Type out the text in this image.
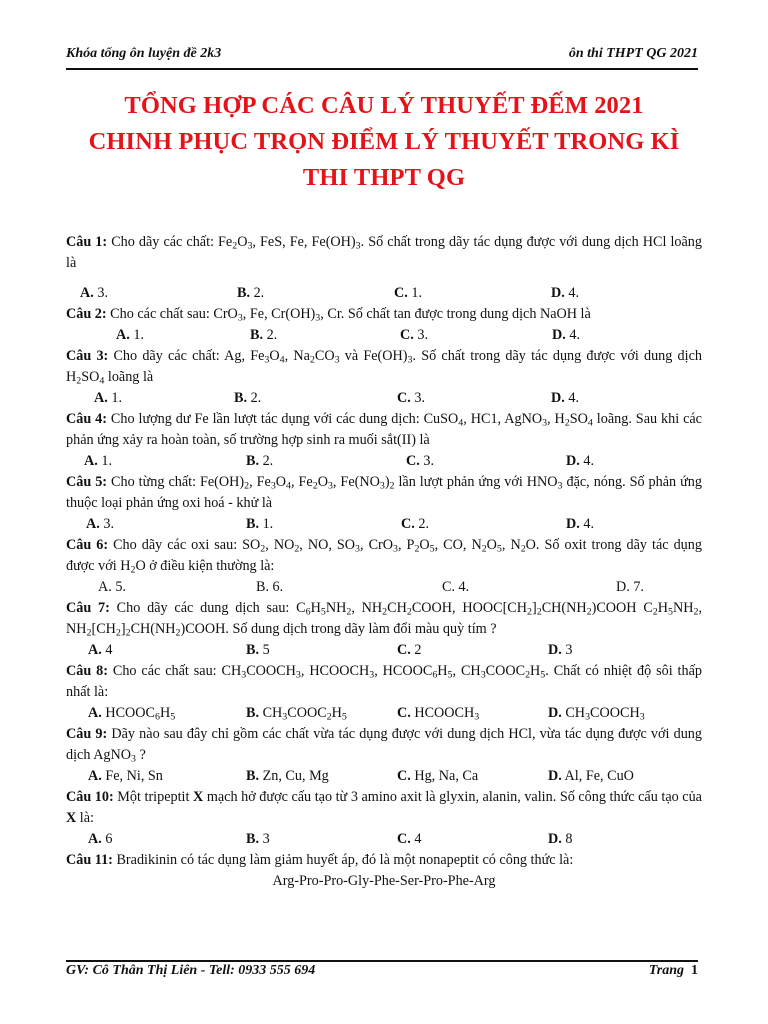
Khóa tổng ôn luyện đề 2k3	ôn thi THPT QG 2021
TỔNG HỢP CÁC CÂU LÝ THUYẾT ĐẾM 2021
CHINH PHỤC TRỌN ĐIỂM LÝ THUYẾT TRONG KÌ
THI THPT QG
Câu 1: Cho dãy các chất: $Fe_2O_3$, FeS, Fe, $Fe(OH)_3$. Số chất trong dãy tác dụng được với dung dịch HCl loãng là
A. 3.	B. 2.	C. 1.	D. 4.
Câu 2: Cho các chất sau: CrO$_3$, Fe, $Cr(OH)_3$, Cr. Số chất tan được trong dung dịch NaOH là
A. 1.	B. 2.	C. 3.	D. 4.
Câu 3: Cho dãy các chất: Ag, $Fe_3O_4$, $Na_2CO_3$ và $Fe(OH)_3$. Số chất trong dãy tác dụng được với dung dịch $H_2SO_4$ loãng là
A. 1.	B. 2.	C. 3.	D. 4.
Câu 4: Cho lượng dư Fe lần lượt tác dụng với các dung dịch: CuSO$_4$, HC1, AgNO$_3$, $H_2SO_4$ loãng. Sau khi các phản ứng xảy ra hoàn toàn, số trường hợp sinh ra muối sắt(II) là
A. 1.	B. 2.	C. 3.	D. 4.
Câu 5: Cho từng chất: $Fe(OH)_2$, $Fe_3O_4$, $Fe_2O_3$, $Fe(NO_3)_2$ lần lượt phản ứng với $HNO_3$ đặc, nóng. Số phản ứng thuộc loại phản ứng oxi hoá - khử là
A. 3.	B. 1.	C. 2.	D. 4.
Câu 6: Cho dãy các oxi sau: $SO_2$, $NO_2$, NO, $SO_3$, CrO$_3$, $P_2O_5$, CO, $N_2O_5$, $N_2O$. Số oxit trong dãy tác dụng được với $H_2O$ ở điều kiện thường là:
A. 5.	B. 6.	C. 4.	D. 7.
Câu 7: Cho dãy các dung dịch sau: $C_6H_5NH_2$, $NH_2CH_2COOH$, $HOOC[CH_2]_2CH(NH_2)COOH$ $C_2H_5NH_2$, $NH_2[CH_2]_2CH(NH_2)COOH$. Số dung dịch trong dãy làm đổi màu quỳ tím ?
A. 4	B. 5	C. 2	D. 3
Câu 8: Cho các chất sau: $CH_3COOCH_3$, $HCOOCH_3$, $HCOOC_6H_5$, $CH_3COOC_2H_5$. Chất có nhiệt độ sôi thấp nhất là:
A. $HCOOC_6H_5$	B. $CH_3COOC_2H_5$	C. $HCOOCH_3$	D. $CH_3COOCH_3$
Câu 9: Dãy nào sau đây chỉ gồm các chất vừa tác dụng được với dung dịch HCl, vừa tác dụng được với dung dịch AgNO$_3$ ?
A. Fe, Ni, Sn	B. Zn, Cu, Mg	C. Hg, Na, Ca	D. Al, Fe, CuO
Câu 10: Một tripeptit X mạch hở được cấu tạo từ 3 amino axit là glyxin, alanin, valin. Số công thức cấu tạo của X là:
A. 6	B. 3	C. 4	D. 8
Câu 11: Bradikinin có tác dụng làm giảm huyết áp, đó là một nonapeptit có công thức là:
Arg-Pro-Pro-Gly-Phe-Ser-Pro-Phe-Arg
GV: Cô Thân Thị Liên - Tell: 0933 555 694	Trang 1
